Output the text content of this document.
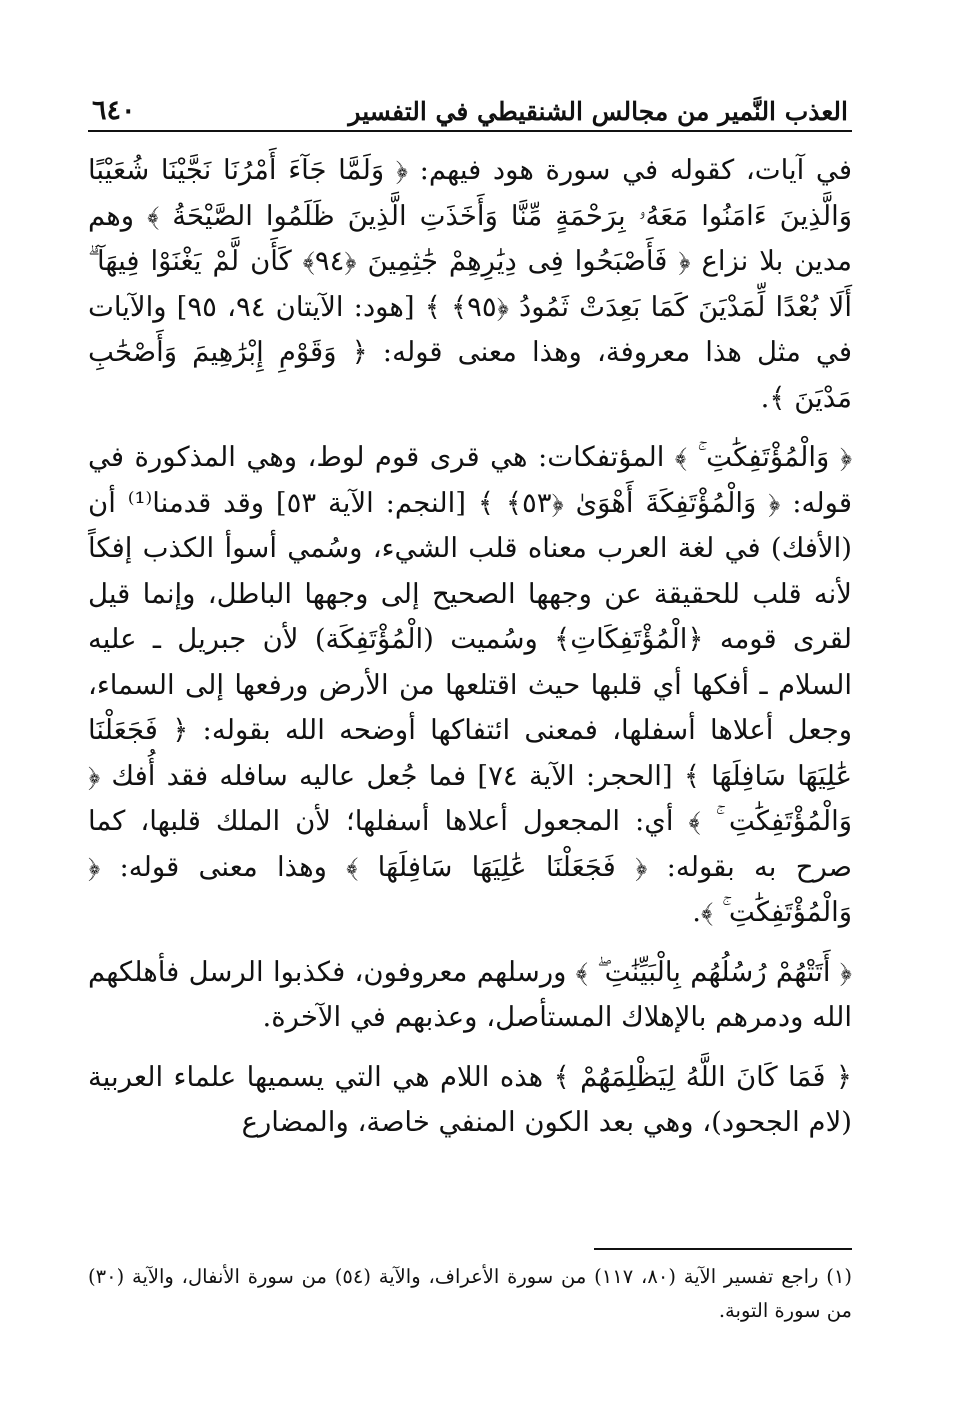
العذب النَّمير من مجالس الشنقيطي في التفسير
٦٤٠

في آيات، كقوله في سورة هود فيهم: ﴿ وَلَمَّا جَآءَ أَمْرُنَا نَجَّيْنَا شُعَيْبًا وَالَّذِينَ ءَامَنُوا مَعَهُۥ بِرَحْمَةٍ مِّنَّا وَأَخَذَتِ الَّذِينَ ظَلَمُوا الصَّيْحَةُ ﴾ وهم مدين بلا نزاع ﴿ فَأَصْبَحُوا فِى دِيَٰرِهِمْ جَٰثِمِينَ ﴿٩٤﴾ كَأَن لَّمْ يَغْنَوْا فِيهَآ ۗ أَلَا بُعْدًا لِّمَدْيَنَ كَمَا بَعِدَتْ ثَمُودُ ﴿٩٥﴾ ﴾ [هود: الآيتان ٩٤، ٩٥] والآيات في مثل هذا معروفة، وهذا معنى قوله: ﴿ وَقَوْمِ إِبْرَٰهِيمَ وَأَصْحَٰبِ مَدْيَنَ ﴾.

﴿ وَالْمُؤْتَفِكَٰتِ ۚ ﴾ المؤتفكات: هي قرى قوم لوط، وهي المذكورة في قوله: ﴿ وَالْمُؤْتَفِكَةَ أَهْوَىٰ ﴿٥٣﴾ ﴾ [النجم: الآية ٥٣] وقد قدمنا⁽¹⁾ أن (الأفك) في لغة العرب معناه قلب الشيء، وسُمي أسوأ الكذب إفكاً لأنه قلب للحقيقة عن وجهها الصحيح إلى وجهها الباطل، وإنما قيل لقرى قومه ﴿الْمُؤْتَفِكَاتِ﴾ وسُميت (الْمُؤْتَفِكَة) لأن جبريل ـ عليه السلام ـ أفكها أي قلبها حيث اقتلعها من الأرض ورفعها إلى السماء، وجعل أعلاها أسفلها، فمعنى ائتفاكها أوضحه الله بقوله: ﴿ فَجَعَلْنَا عَٰلِيَهَا سَافِلَهَا ﴾ [الحجر: الآية ٧٤] فما جُعل عاليه سافله فقد أُفك ﴿ وَالْمُؤْتَفِكَٰتِ ۚ ﴾ أي: المجعول أعلاها أسفلها؛ لأن الملك قلبها، كما صرح به بقوله: ﴿ فَجَعَلْنَا عَٰلِيَهَا سَافِلَهَا ﴾ وهذا معنى قوله: ﴿ وَالْمُؤْتَفِكَٰتِ ۚ ﴾.

﴿ أَتَتْهُمْ رُسُلُهُم بِالْبَيِّنَٰتِ ۖ ﴾ ورسلهم معروفون، فكذبوا الرسل فأهلكهم الله ودمرهم بالإهلاك المستأصل، وعذبهم في الآخرة.

﴿ فَمَا كَانَ اللَّهُ لِيَظْلِمَهُمْ ﴾ هذه اللام هي التي يسميها علماء العربية (لام الجحود)، وهي بعد الكون المنفي خاصة، والمضارع

(١) راجع تفسير الآية (٨٠، ١١٧) من سورة الأعراف، والآية (٥٤) من سورة الأنفال، والآية (٣٠) من سورة التوبة.
